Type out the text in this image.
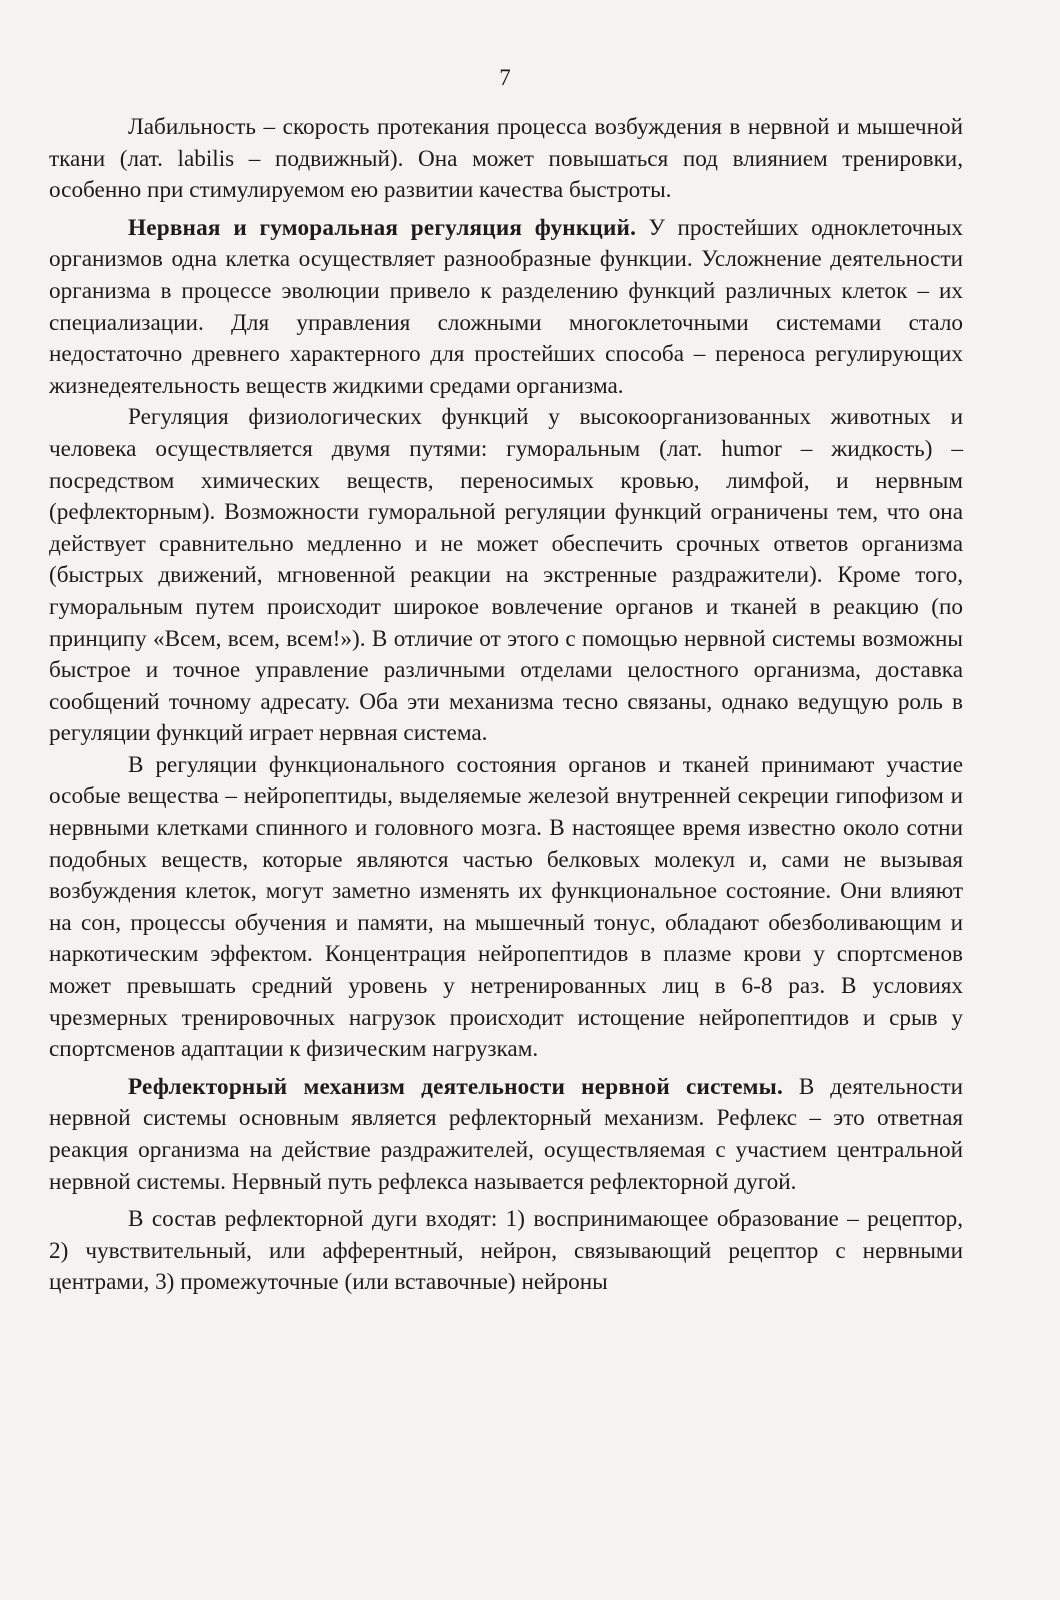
7

Лабильность – скорость протекания процесса возбуждения в нервной и мышечной ткани (лат. labilis – подвижный). Она может повышаться под влиянием тренировки, особенно при стимулируемом ею развитии качества быстроты.

Нервная и гуморальная регуляция функций. У простейших одноклеточных организмов одна клетка осуществляет разнообразные функции. Усложнение деятельности организма в процессе эволюции привело к разделению функций различных клеток – их специализации. Для управления сложными многоклеточными системами стало недостаточно древнего характерного для простейших способа – переноса регулирующих жизнедеятельность веществ жидкими средами организма.

Регуляция физиологических функций у высокоорганизованных животных и человека осуществляется двумя путями: гуморальным (лат. humor – жидкость) – посредством химических веществ, переносимых кровью, лимфой, и нервным (рефлекторным). Возможности гуморальной регуляции функций ограничены тем, что она действует сравнительно медленно и не может обеспечить срочных ответов организма (быстрых движений, мгновенной реакции на экстренные раздражители). Кроме того, гуморальным путем происходит широкое вовлечение органов и тканей в реакцию (по принципу «Всем, всем, всем!»). В отличие от этого с помощью нервной системы возможны быстрое и точное управление различными отделами целостного организма, доставка сообщений точному адресату. Оба эти механизма тесно связаны, однако ведущую роль в регуляции функций играет нервная система.

В регуляции функционального состояния органов и тканей принимают участие особые вещества – нейропептиды, выделяемые железой внутренней секреции гипофизом и нервными клетками спинного и головного мозга. В настоящее время известно около сотни подобных веществ, которые являются частью белковых молекул и, сами не вызывая возбуждения клеток, могут заметно изменять их функциональное состояние. Они влияют на сон, процессы обучения и памяти, на мышечный тонус, обладают обезболивающим и наркотическим эффектом. Концентрация нейропептидов в плазме крови у спортсменов может превышать средний уровень у нетренированных лиц в 6-8 раз. В условиях чрезмерных тренировочных нагрузок происходит истощение нейропептидов и срыв у спортсменов адаптации к физическим нагрузкам.

Рефлекторный механизм деятельности нервной системы. В деятельности нервной системы основным является рефлекторный механизм. Рефлекс – это ответная реакция организма на действие раздражителей, осуществляемая с участием центральной нервной системы. Нервный путь рефлекса называется рефлекторной дугой.

В состав рефлекторной дуги входят: 1) воспринимающее образование – рецептор, 2) чувствительный, или афферентный, нейрон, связывающий рецептор с нервными центрами, 3) промежуточные (или вставочные) нейроны
